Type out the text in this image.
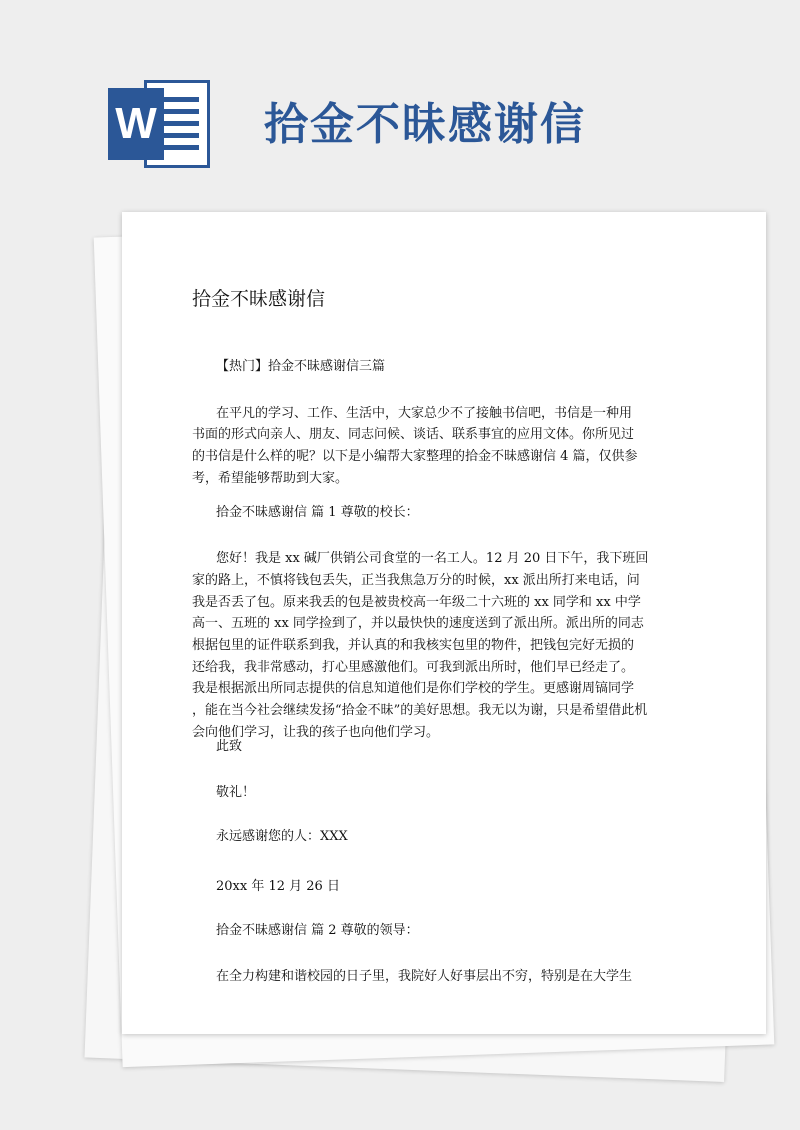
W 拾金不昧感谢信
拾金不昧感谢信
【热门】拾金不昧感谢信三篇
在平凡的学习、工作、生活中，大家总少不了接触书信吧，书信是一种用
书面的形式向亲人、朋友、同志问候、谈话、联系事宜的应用文体。你所见过
的书信是什么样的呢？以下是小编帮大家整理的拾金不昧感谢信 4 篇，仅供参
考，希望能够帮助到大家。
拾金不昧感谢信 篇 1 尊敬的校长：
您好！我是 xx 碱厂供销公司食堂的一名工人。12 月 20 日下午，我下班回
家的路上，不慎将钱包丢失，正当我焦急万分的时候，xx 派出所打来电话，问
我是否丢了包。原来我丢的包是被贵校高一年级二十六班的 xx 同学和 xx 中学
高一、五班的 xx 同学捡到了，并以最快快的速度送到了派出所。派出所的同志
根据包里的证件联系到我，并认真的和我核实包里的物件，把钱包完好无损的
还给我，我非常感动，打心里感激他们。可我到派出所时，他们早已经走了。
我是根据派出所同志提供的信息知道他们是你们学校的学生。更感谢周镐同学
，能在当今社会继续发扬“拾金不昧”的美好思想。我无以为谢，只是希望借此机
会向他们学习，让我的孩子也向他们学习。
此致
敬礼！
永远感谢您的人：XXX
20xx 年 12 月 26 日
拾金不昧感谢信 篇 2 尊敬的领导：
在全力构建和谐校园的日子里，我院好人好事层出不穷，特别是在大学生
